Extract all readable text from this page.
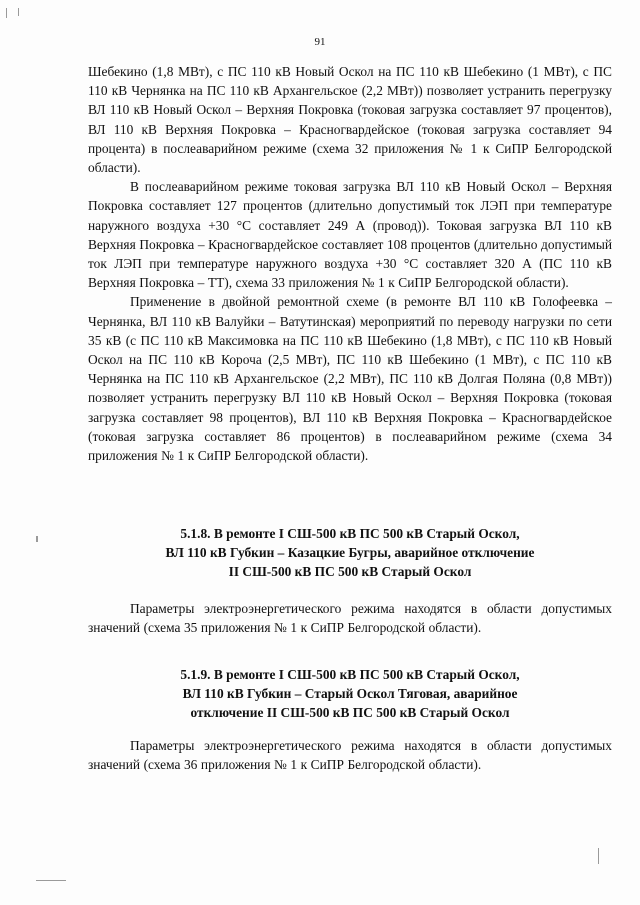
91

Шебекино (1,8 МВт), с ПС 110 кВ Новый Оскол на ПС 110 кВ Шебекино (1 МВт), с ПС 110 кВ Чернянка на ПС 110 кВ Архангельское (2,2 МВт)) позволяет устранить перегрузку ВЛ 110 кВ Новый Оскол – Верхняя Покровка (токовая загрузка составляет 97 процентов), ВЛ 110 кВ Верхняя Покровка – Красногвардейское (токовая загрузка составляет 94 процента) в послеаварийном режиме (схема 32 приложения № 1 к СиПР Белгородской области).

В послеаварийном режиме токовая загрузка ВЛ 110 кВ Новый Оскол – Верхняя Покровка составляет 127 процентов (длительно допустимый ток ЛЭП при температуре наружного воздуха +30 °С составляет 249 А (провод)). Токовая загрузка ВЛ 110 кВ Верхняя Покровка – Красногвардейское составляет 108 процентов (длительно допустимый ток ЛЭП при температуре наружного воздуха +30 °С составляет 320 А (ПС 110 кВ Верхняя Покровка – ТТ), схема 33 приложения № 1 к СиПР Белгородской области).

Применение в двойной ремонтной схеме (в ремонте ВЛ 110 кВ Голофеевка – Чернянка, ВЛ 110 кВ Валуйки – Ватутинская) мероприятий по переводу нагрузки по сети 35 кВ (с ПС 110 кВ Максимовка на ПС 110 кВ Шебекино (1,8 МВт), с ПС 110 кВ Новый Оскол на ПС 110 кВ Короча (2,5 МВт), ПС 110 кВ Шебекино (1 МВт), с ПС 110 кВ Чернянка на ПС 110 кВ Архангельское (2,2 МВт), ПС 110 кВ Долгая Поляна (0,8 МВт)) позволяет устранить перегрузку ВЛ 110 кВ Новый Оскол – Верхняя Покровка (токовая загрузка составляет 98 процентов), ВЛ 110 кВ Верхняя Покровка – Красногвардейское (токовая загрузка составляет 86 процентов) в послеаварийном режиме (схема 34 приложения № 1 к СиПР Белгородской области).

5.1.8. В ремонте I СШ-500 кВ ПС 500 кВ Старый Оскол,
ВЛ 110 кВ Губкин – Казацкие Бугры, аварийное отключение
II СШ-500 кВ ПС 500 кВ Старый Оскол

Параметры электроэнергетического режима находятся в области допустимых значений (схема 35 приложения № 1 к СиПР Белгородской области).

5.1.9. В ремонте I СШ-500 кВ ПС 500 кВ Старый Оскол,
ВЛ 110 кВ Губкин – Старый Оскол Тяговая, аварийное
отключение II СШ-500 кВ ПС 500 кВ Старый Оскол

Параметры электроэнергетического режима находятся в области допустимых значений (схема 36 приложения № 1 к СиПР Белгородской области).
